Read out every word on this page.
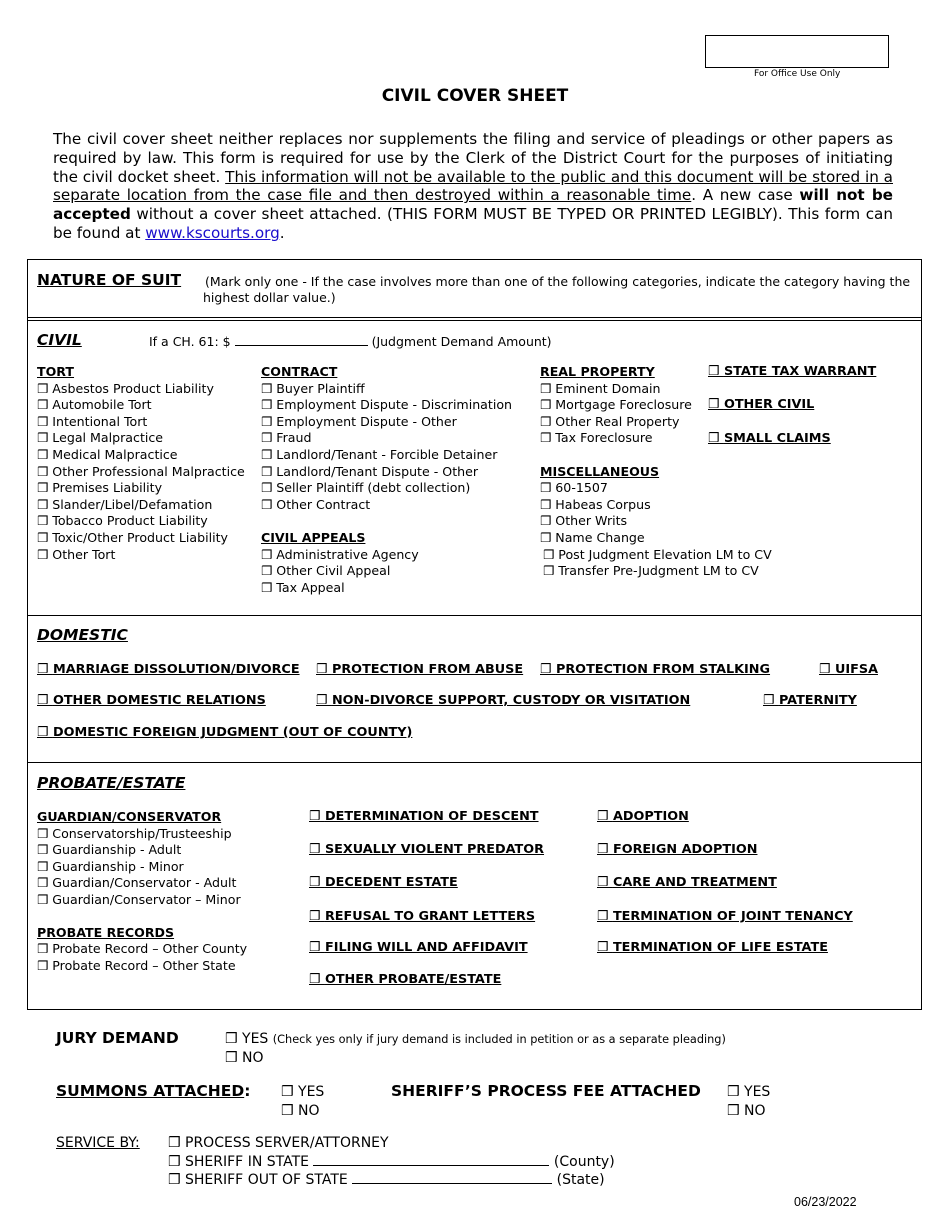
For Office Use Only
CIVIL COVER SHEET
The civil cover sheet neither replaces nor supplements the filing and service of pleadings or other papers as required by law. This form is required for use by the Clerk of the District Court for the purposes of initiating the civil docket sheet. This information will not be available to the public and this document will be stored in a separate location from the case file and then destroyed within a reasonable time. A new case will not be accepted without a cover sheet attached. (THIS FORM MUST BE TYPED OR PRINTED LEGIBLY). This form can be found at www.kscourts.org.
NATURE OF SUIT (Mark only one - If the case involves more than one of the following categories, indicate the category having the highest dollar value.)
CIVIL	If a CH. 61: $	(Judgment Demand Amount)
TORT
❒ Asbestos Product Liability
❒ Automobile Tort
❒ Intentional Tort
❒ Legal Malpractice
❒ Medical Malpractice
❒ Other Professional Malpractice
❒ Premises Liability
❒ Slander/Libel/Defamation
❒ Tobacco Product Liability
❒ Toxic/Other Product Liability
❒ Other Tort
CONTRACT
❒ Buyer Plaintiff
❒ Employment Dispute - Discrimination
❒ Employment Dispute - Other
❒ Fraud
❒ Landlord/Tenant - Forcible Detainer
❒ Landlord/Tenant Dispute - Other
❒ Seller Plaintiff (debt collection)
❒ Other Contract
CIVIL APPEALS
❒ Administrative Agency
❒ Other Civil Appeal
❒ Tax Appeal
REAL PROPERTY
❒ Eminent Domain
❒ Mortgage Foreclosure
❒ Other Real Property
❒ Tax Foreclosure
MISCELLANEOUS
❒ 60-1507
❒ Habeas Corpus
❒ Other Writs
❒ Name Change
❒ Post Judgment Elevation LM to CV
❒ Transfer Pre-Judgment LM to CV
❒ STATE TAX WARRANT
❒ OTHER CIVIL
❒ SMALL CLAIMS
DOMESTIC
❒ MARRIAGE DISSOLUTION/DIVORCE ❒ PROTECTION FROM ABUSE ❒ PROTECTION FROM STALKING	❒ UIFSA
❒ OTHER DOMESTIC RELATIONS	❒ NON-DIVORCE SUPPORT, CUSTODY OR VISITATION	❒ PATERNITY
❒ DOMESTIC FOREIGN JUDGMENT (OUT OF COUNTY)
PROBATE/ESTATE
GUARDIAN/CONSERVATOR
❒ Conservatorship/Trusteeship
❒ Guardianship - Adult
❒ Guardianship - Minor
❒ Guardian/Conservator - Adult
❒ Guardian/Conservator – Minor
PROBATE RECORDS
❒ Probate Record – Other County
❒ Probate Record – Other State
❒ DETERMINATION OF DESCENT
❒ SEXUALLY VIOLENT PREDATOR
❒ DECEDENT ESTATE
❒ REFUSAL TO GRANT LETTERS
❒ FILING WILL AND AFFIDAVIT
❒ OTHER PROBATE/ESTATE
❒ ADOPTION
❒ FOREIGN ADOPTION
❒ CARE AND TREATMENT
❒ TERMINATION OF JOINT TENANCY
❒ TERMINATION OF LIFE ESTATE
JURY DEMAND	❒ YES (Check yes only if jury demand is included in petition or as a separate pleading)
❒ NO
SUMMONS ATTACHED: ❒ YES
❒ NO
SHERIFF’S PROCESS FEE ATTACHED ❒ YES
❒ NO
SERVICE BY: ❒ PROCESS SERVER/ATTORNEY
❒ SHERIFF IN STATE	(County)
❒ SHERIFF OUT OF STATE	(State)
06/23/2022
